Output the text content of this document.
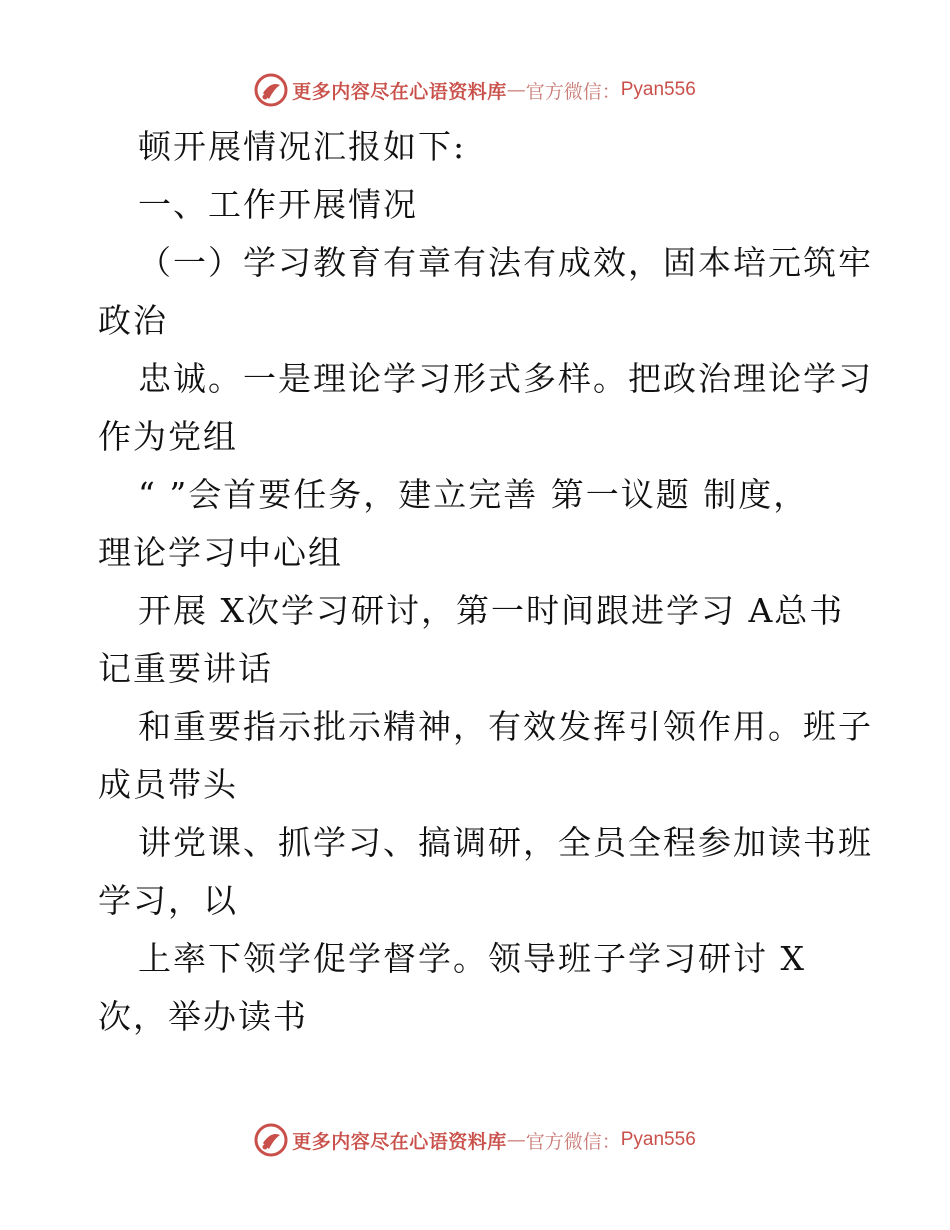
更多内容尽在心语资料库 — 官方微信： Pyan556
顿开展情况汇报如下:
一、工作开展情况
（一）学习教育有章有法有成效，固本培元筑牢
政治
忠诚。一是理论学习形式多样。把政治理论学习
作为党组
“ ”会首要任务，建立完善 第一议题 制度，
理论学习中心组
开展 X次学习研讨，第一时间跟进学习 A总书
记重要讲话
和重要指示批示精神，有效发挥引领作用。班子
成员带头
讲党课、抓学习、搞调研，全员全程参加读书班
学习，以
上率下领学促学督学。领导班子学习研讨 X
次，举办读书
更多内容尽在心语资料库 — 官方微信： Pyan556
